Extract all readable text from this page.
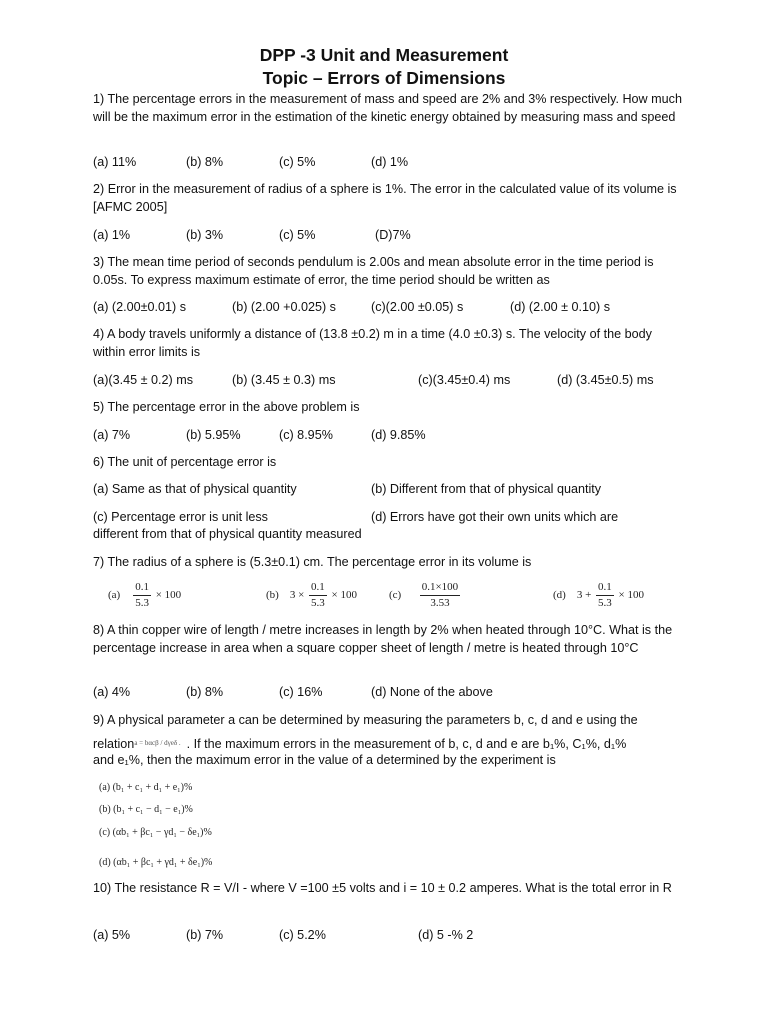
DPP -3 Unit and Measurement
Topic – Errors of Dimensions

1) The percentage errors in the measurement of mass and speed are 2% and 3% respectively. How much will be the maximum error in the estimation of the kinetic energy obtained by measuring mass and speed

(a) 11%	(b) 8%	(c) 5%	(d) 1%

2) Error in the measurement of radius of a sphere is 1%. The error in the calculated value of its volume is [AFMC 2005]

(a) 1%	(b) 3%	(c) 5%	(D)7%

3) The mean time period of seconds pendulum is 2.00s and mean absolute error in the time period is 0.05s. To express maximum estimate of error, the time period should be written as

(a) (2.00±0.01) s	(b) (2.00 +0.025) s	(c)(2.00 ±0.05) s	(d) (2.00 ± 0.10) s

4) A body travels uniformly a distance of (13.8 ±0.2) m in a time (4.0 ±0.3) s. The velocity of the body within error limits is

(a)(3.45 ± 0.2) ms	(b) (3.45 ± 0.3) ms	(c)(3.45±0.4) ms	(d) (3.45±0.5) ms

5) The percentage error in the above problem is

(a) 7%	(b) 5.95%	(c) 8.95%	(d) 9.85%

6) The unit of percentage error is

(a) Same as that of physical quantity	(b) Different from that of physical quantity
(c) Percentage error is unit less	(d) Errors have got their own units which are
different from that of physical quantity measured

7) The radius of a sphere is (5.3±0.1) cm. The percentage error in its volume is

$(a) \frac{0.1}{5.3} \times 100$	(b) $3 \times \frac{0.1}{5.3} \times 100$	$(c) \frac{0.1\times 100}{3.53}$	(d) $3 + \frac{0.1}{5.3} \times 100$

8) A thin copper wire of length / metre increases in length by 2% when heated through 10°C. What is the percentage increase in area when a square copper sheet of length / metre is heated through 10°C

(a) 4%	(b) 8%	(c) 16%	(d) None of the above

9) A physical parameter a can be determined by measuring the parameters b, c, d and e using the

relation$^{a = b\alpha c\beta / d\gamma e\delta .}$ . If the maximum errors in the measurement of b, c, d and e are b₁%, C₁%, d₁%

and e₁%, then the maximum error in the value of a determined by the experiment is

(a) (b₁ + c₁ + d₁ + e₁)%
(b) (b₁ + c₁ − d₁ − e₁)%
(c) (αb₁ + βc₁ − γd₁ − δe₁)%
(d) (αb₁ + βc₁ + γd₁ + δe₁)%

10) The resistance R = V/I - where V =100 ±5 volts and i = 10 ± 0.2 amperes. What is the total error in R

(a) 5%	(b) 7%	(c) 5.2%	(d) 5 -% 2
